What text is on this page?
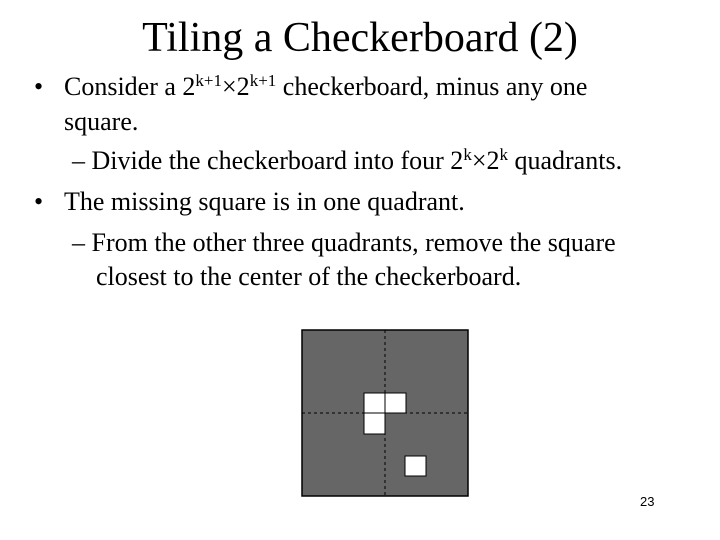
Tiling a Checkerboard (2)
• Consider a $2^{k+1}\times 2^{k+1}$ checkerboard, minus any one
square.
– Divide the checkerboard into four $2^k\times 2^k$ quadrants.
• The missing square is in one quadrant.
– From the other three quadrants, remove the square
closest to the center of the checkerboard.
23
